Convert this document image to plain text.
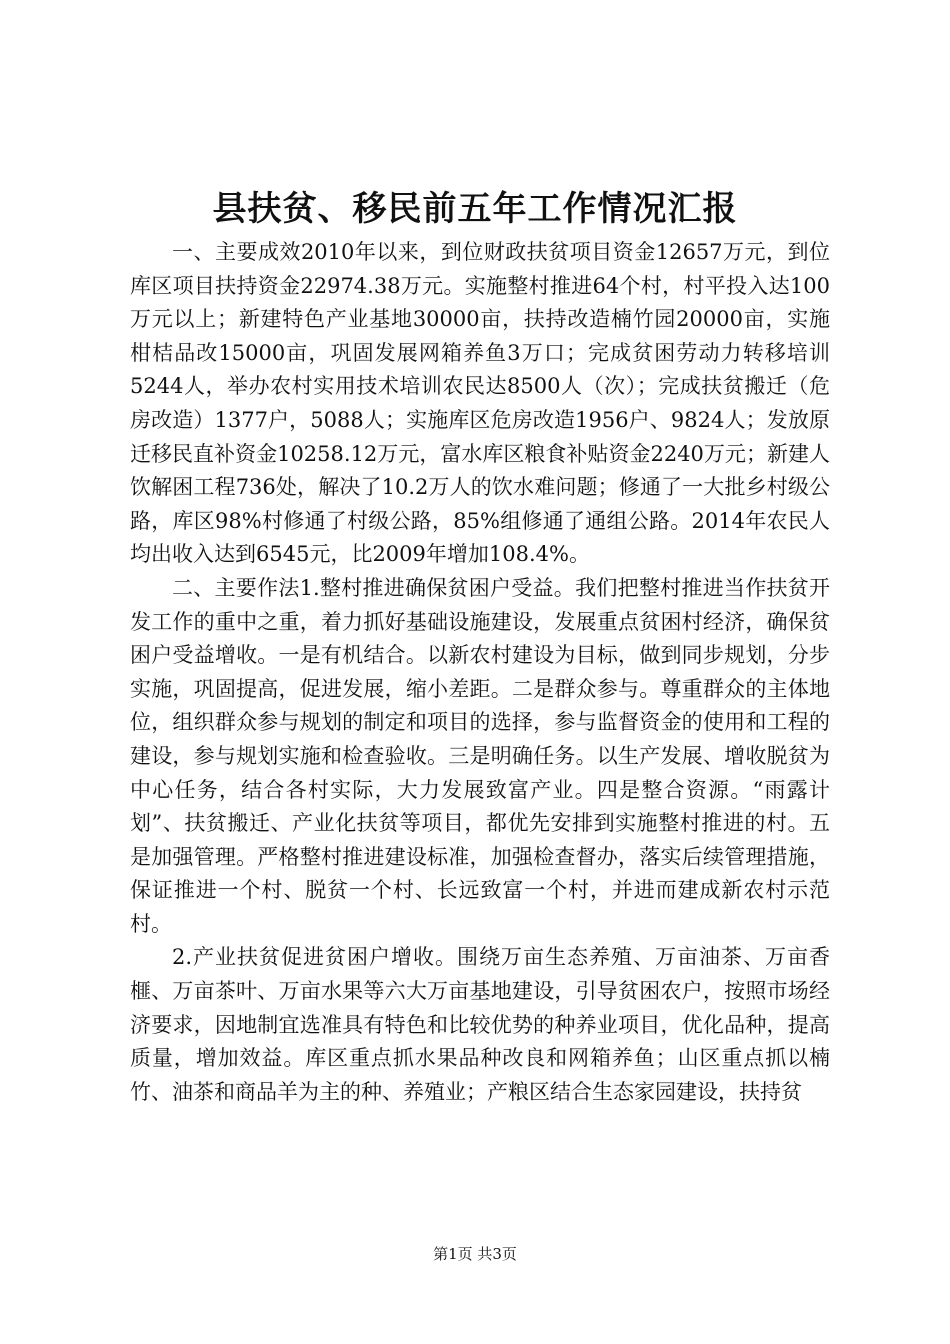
县扶贫、移民前五年工作情况汇报

一、主要成效2010年以来，到位财政扶贫项目资金12657万元，到位库区项目扶持资金22974.38万元。实施整村推进64个村，村平投入达100万元以上；新建特色产业基地30000亩，扶持改造楠竹园20000亩，实施柑桔品改15000亩，巩固发展网箱养鱼3万口；完成贫困劳动力转移培训5244人，举办农村实用技术培训农民达8500人（次）；完成扶贫搬迁（危房改造）1377户，5088人；实施库区危房改造1956户、9824人；发放原迁移民直补资金10258.12万元，富水库区粮食补贴资金2240万元；新建人饮解困工程736处，解决了10.2万人的饮水难问题；修通了一大批乡村级公路，库区98%村修通了村级公路，85%组修通了通组公路。2014年农民人均出收入达到6545元，比2009年增加108.4%。

二、主要作法1.整村推进确保贫困户受益。我们把整村推进当作扶贫开发工作的重中之重，着力抓好基础设施建设，发展重点贫困村经济，确保贫困户受益增收。一是有机结合。以新农村建设为目标，做到同步规划，分步实施，巩固提高，促进发展，缩小差距。二是群众参与。尊重群众的主体地位，组织群众参与规划的制定和项目的选择，参与监督资金的使用和工程的建设，参与规划实施和检查验收。三是明确任务。以生产发展、增收脱贫为中心任务，结合各村实际，大力发展致富产业。四是整合资源。“雨露计划”、扶贫搬迁、产业化扶贫等项目，都优先安排到实施整村推进的村。五是加强管理。严格整村推进建设标准，加强检查督办，落实后续管理措施，保证推进一个村、脱贫一个村、长远致富一个村，并进而建成新农村示范村。

2.产业扶贫促进贫困户增收。围绕万亩生态养殖、万亩油茶、万亩香榧、万亩茶叶、万亩水果等六大万亩基地建设，引导贫困农户，按照市场经济要求，因地制宜选准具有特色和比较优势的种养业项目，优化品种，提高质量，增加效益。库区重点抓水果品种改良和网箱养鱼；山区重点抓以楠竹、油茶和商品羊为主的种、养殖业；产粮区结合生态家园建设，扶持贫

第1页 共3页
